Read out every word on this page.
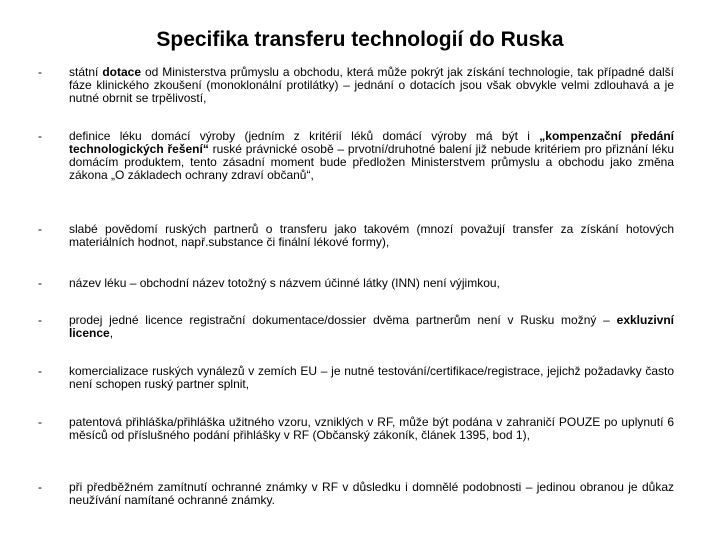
Specifika transferu technologií do Ruska
- státní dotace od Ministerstva průmyslu a obchodu, která může pokrýt jak získání technologie, tak případné další fáze klinického zkoušení (monoklonální protilátky) – jednání o dotacích jsou však obvykle velmi zdlouhavá a je nutné obrnit se trpělivostí,
- definice léku domácí výroby (jedním z kritérií léků domácí výroby má být i „kompenzační předání technologických řešení“ ruské právnické osobě – prvotní/druhotné balení již nebude kritériem pro přiznání léku domácím produktem, tento zásadní moment bude předložen Ministerstvem průmyslu a obchodu jako změna zákona „O základech ochrany zdraví občanů“,
- slabé povědomí ruských partnerů o transferu jako takovém (mnozí považují transfer za získání hotových materiálních hodnot, např.substance či finální lékové formy),
- název léku – obchodní název totožný s názvem účinné látky (INN) není výjimkou,
- prodej jedné licence registrační dokumentace/dossier dvěma partnerům není v Rusku možný – exkluzivní licence,
- komercializace ruských vynálezů v zemích EU – je nutné testování/certifikace/registrace, jejichž požadavky často není schopen ruský partner splnit,
- patentová přihláška/přihláška užitného vzoru, vzniklých v RF, může být podána v zahraničí POUZE po uplynutí 6 měsíců od příslušného podání přihlášky v RF (Občanský zákoník, článek 1395, bod 1),
- při předběžném zamítnutí ochranné známky v RF v důsledku i domnělé podobnosti – jedinou obranou je důkaz neužívání namítané ochranné známky.
